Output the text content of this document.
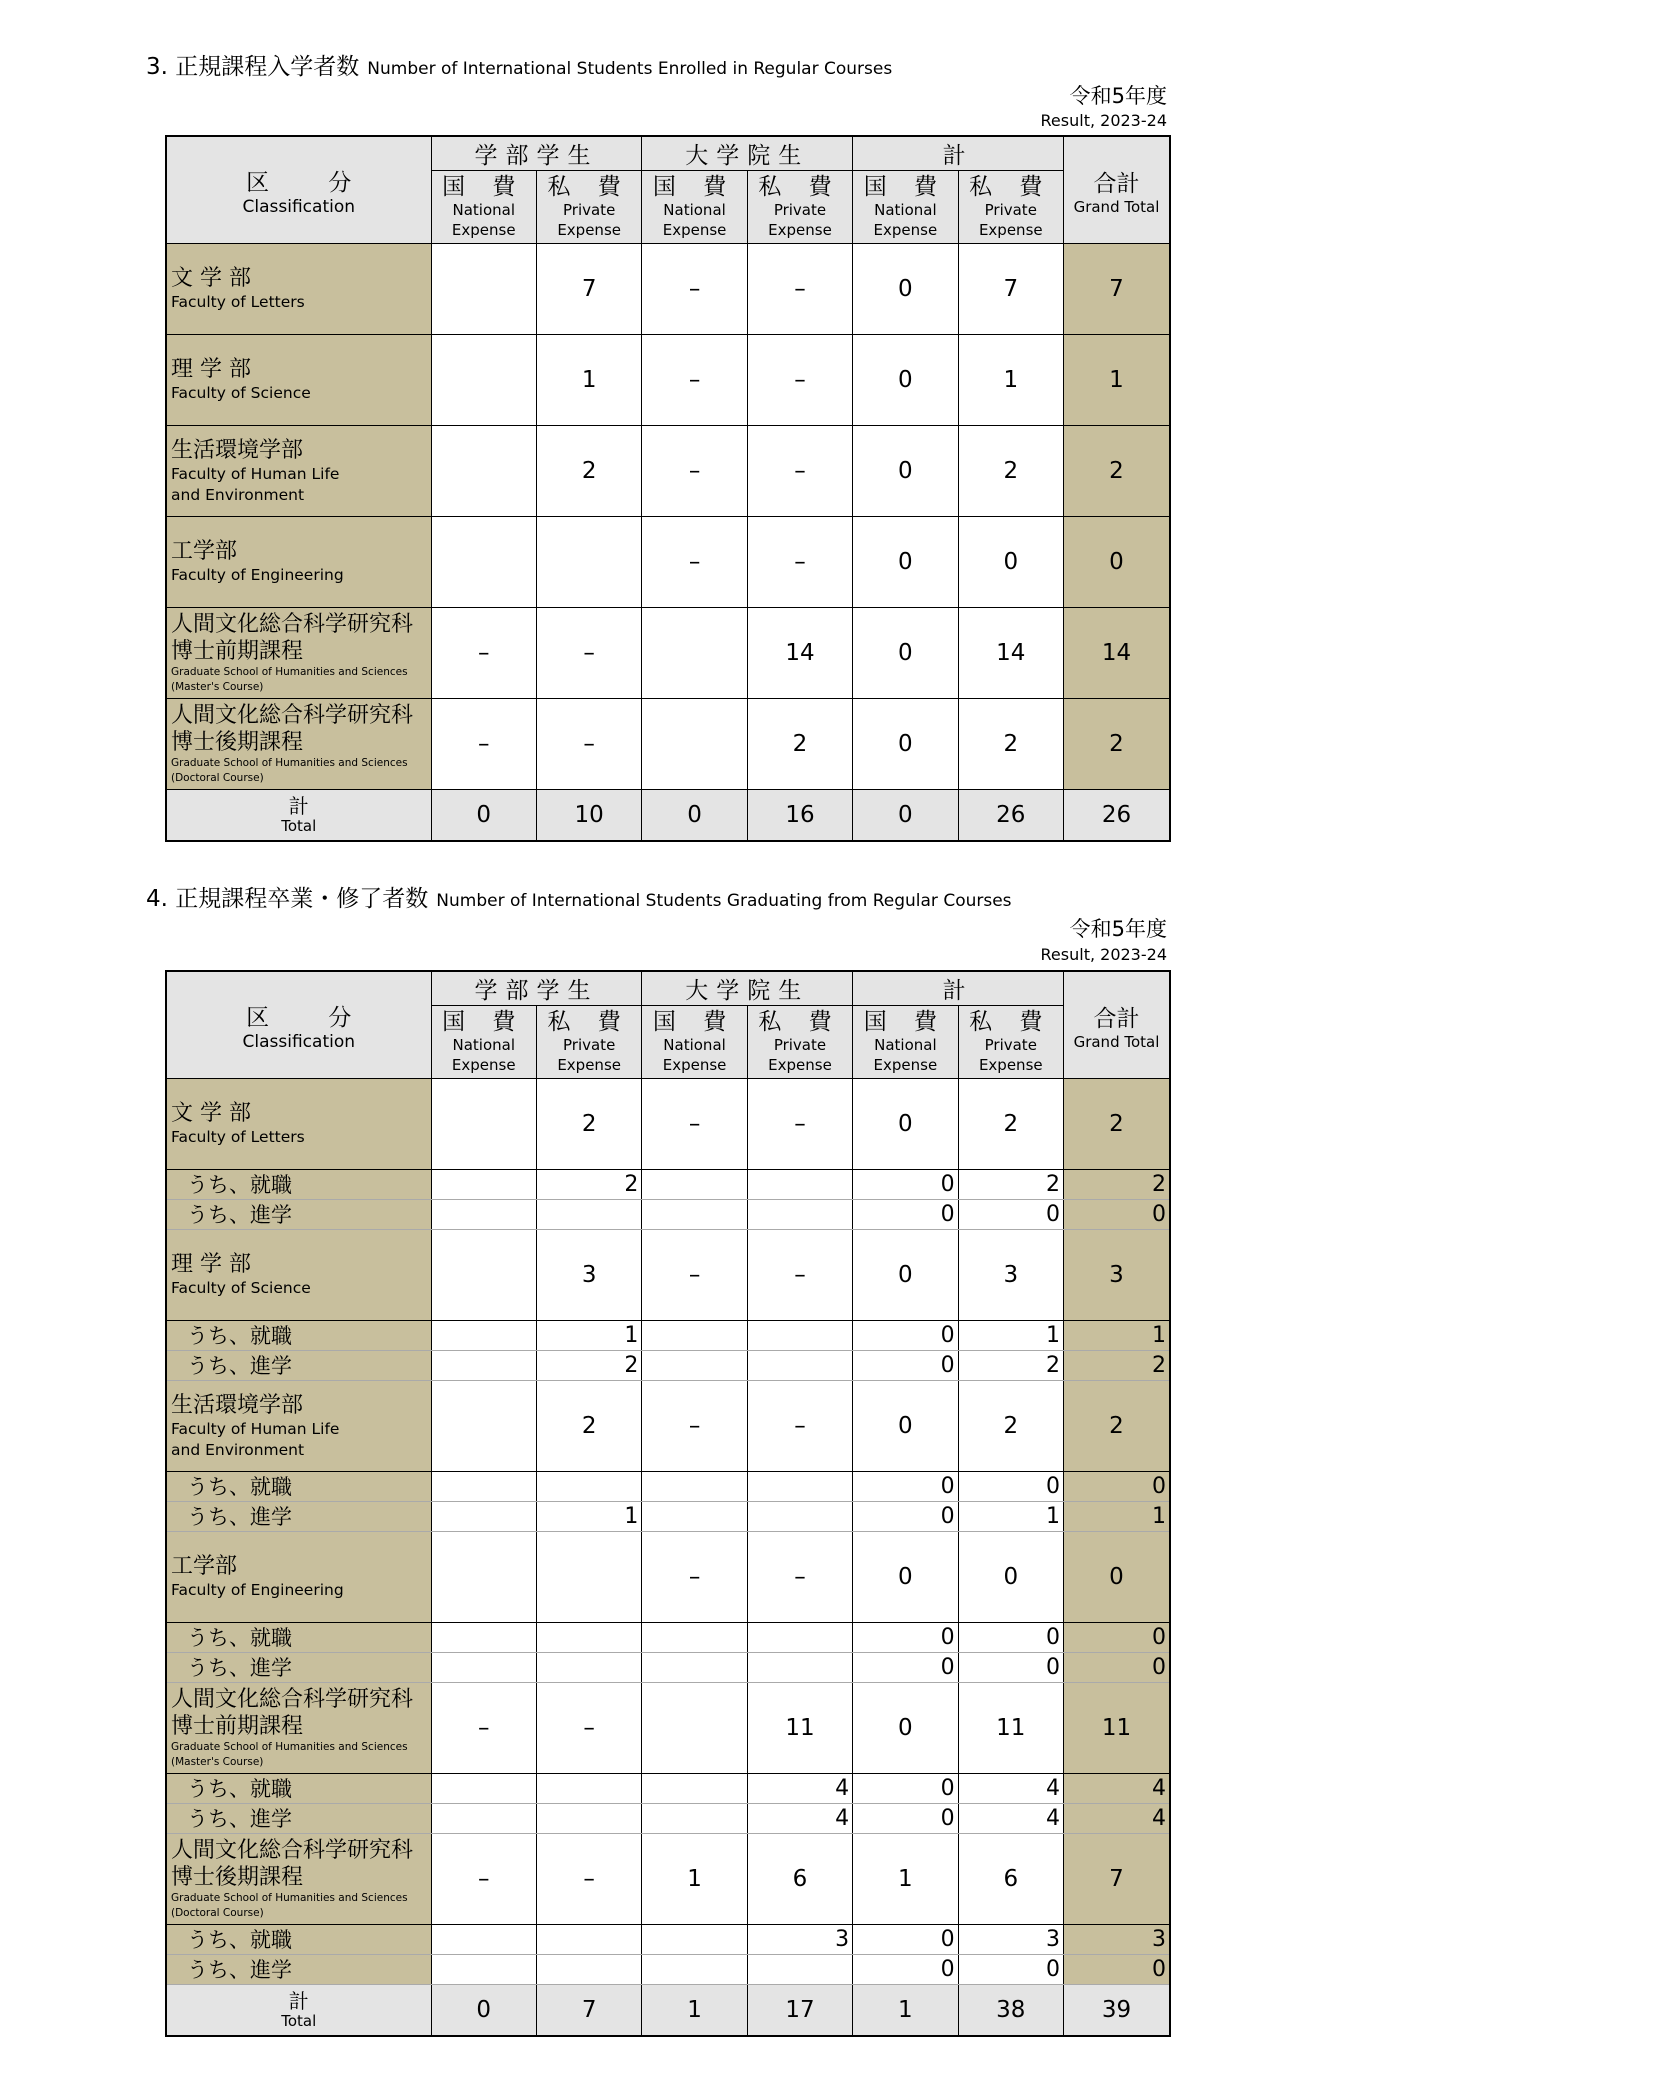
3. 正規課程入学者数 Number of International Students Enrolled in Regular Courses
令和5年度
Result, 2023-24
区 分
Classification	学部学生		大学院生		計		合計
Grand Total

	国 費
National
Expense	私 費
Private
Expense	国 費
National
Expense	私 費
Private
Expense	国 費
National
Expense	私 費
Private
Expense	

文 学 部
Faculty of Letters		7	–	–	0	7	7

理 学 部
Faculty of Science		1	–	–	0	1	1

生活環境学部
Faculty of Human Life
and Environment		2	–	–	0	2	2

工学部
Faculty of Engineering			–	–	0	0	0

人間文化総合科学研究科
博士前期課程
Graduate School of Humanities and Sciences
(Master's Course)	–	–		14	0	14	14

人間文化総合科学研究科
博士後期課程
Graduate School of Humanities and Sciences
(Doctoral Course)	–	–		2	0	2	2

計
Total	0	10	0	16	0	26	26
4. 正規課程卒業・修了者数 Number of International Students Graduating from Regular Courses
令和5年度
Result, 2023-24
区 分
Classification	学部学生		大学院生		計		合計
Grand Total

	国 費
National
Expense	私 費
Private
Expense	国 費
National
Expense	私 費
Private
Expense	国 費
National
Expense	私 費
Private
Expense	

文 学 部
Faculty of Letters		2	–	–	0	2	2

うち、就職		2			0	2	2

うち、進学					0	0	0

理 学 部
Faculty of Science		3	–	–	0	3	3

うち、就職		1			0	1	1

うち、進学		2			0	2	2

生活環境学部
Faculty of Human Life
and Environment		2	–	–	0	2	2

うち、就職					0	0	0

うち、進学		1			0	1	1

工学部
Faculty of Engineering			–	–	0	0	0

うち、就職					0	0	0

うち、進学					0	0	0

人間文化総合科学研究科
博士前期課程
Graduate School of Humanities and Sciences
(Master's Course)	–	–		11	0	11	11

うち、就職				4	0	4	4

うち、進学				4	0	4	4

人間文化総合科学研究科
博士後期課程
Graduate School of Humanities and Sciences
(Doctoral Course)	–	–	1	6	1	6	7

うち、就職				3	0	3	3

うち、進学					0	0	0

計
Total	0	7	1	17	1	38	39
